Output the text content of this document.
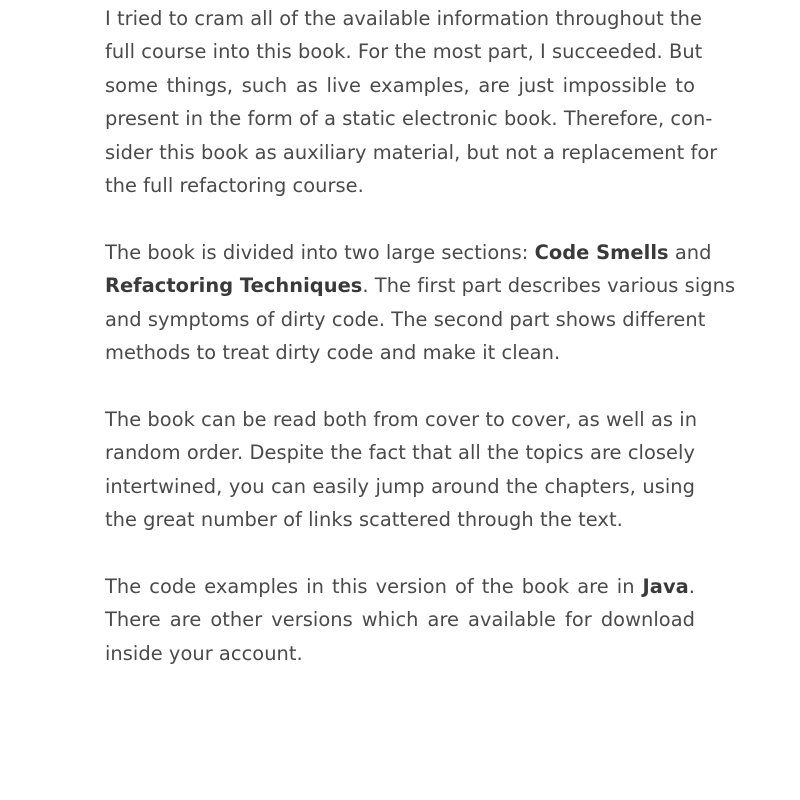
I tried to cram all of the available information throughout the
full course into this book. For the most part, I succeeded. But
some things, such as live examples, are just impossible to
present in the form of a static electronic book. Therefore, con-
sider this book as auxiliary material, but not a replacement for
the full refactoring course.
The book is divided into two large sections: Code Smells and
Refactoring Techniques. The first part describes various signs
and symptoms of dirty code. The second part shows different
methods to treat dirty code and make it clean.
The book can be read both from cover to cover, as well as in
random order. Despite the fact that all the topics are closely
intertwined, you can easily jump around the chapters, using
the great number of links scattered through the text.
The code examples in this version of the book are in Java.
There are other versions which are available for download
inside your account.
